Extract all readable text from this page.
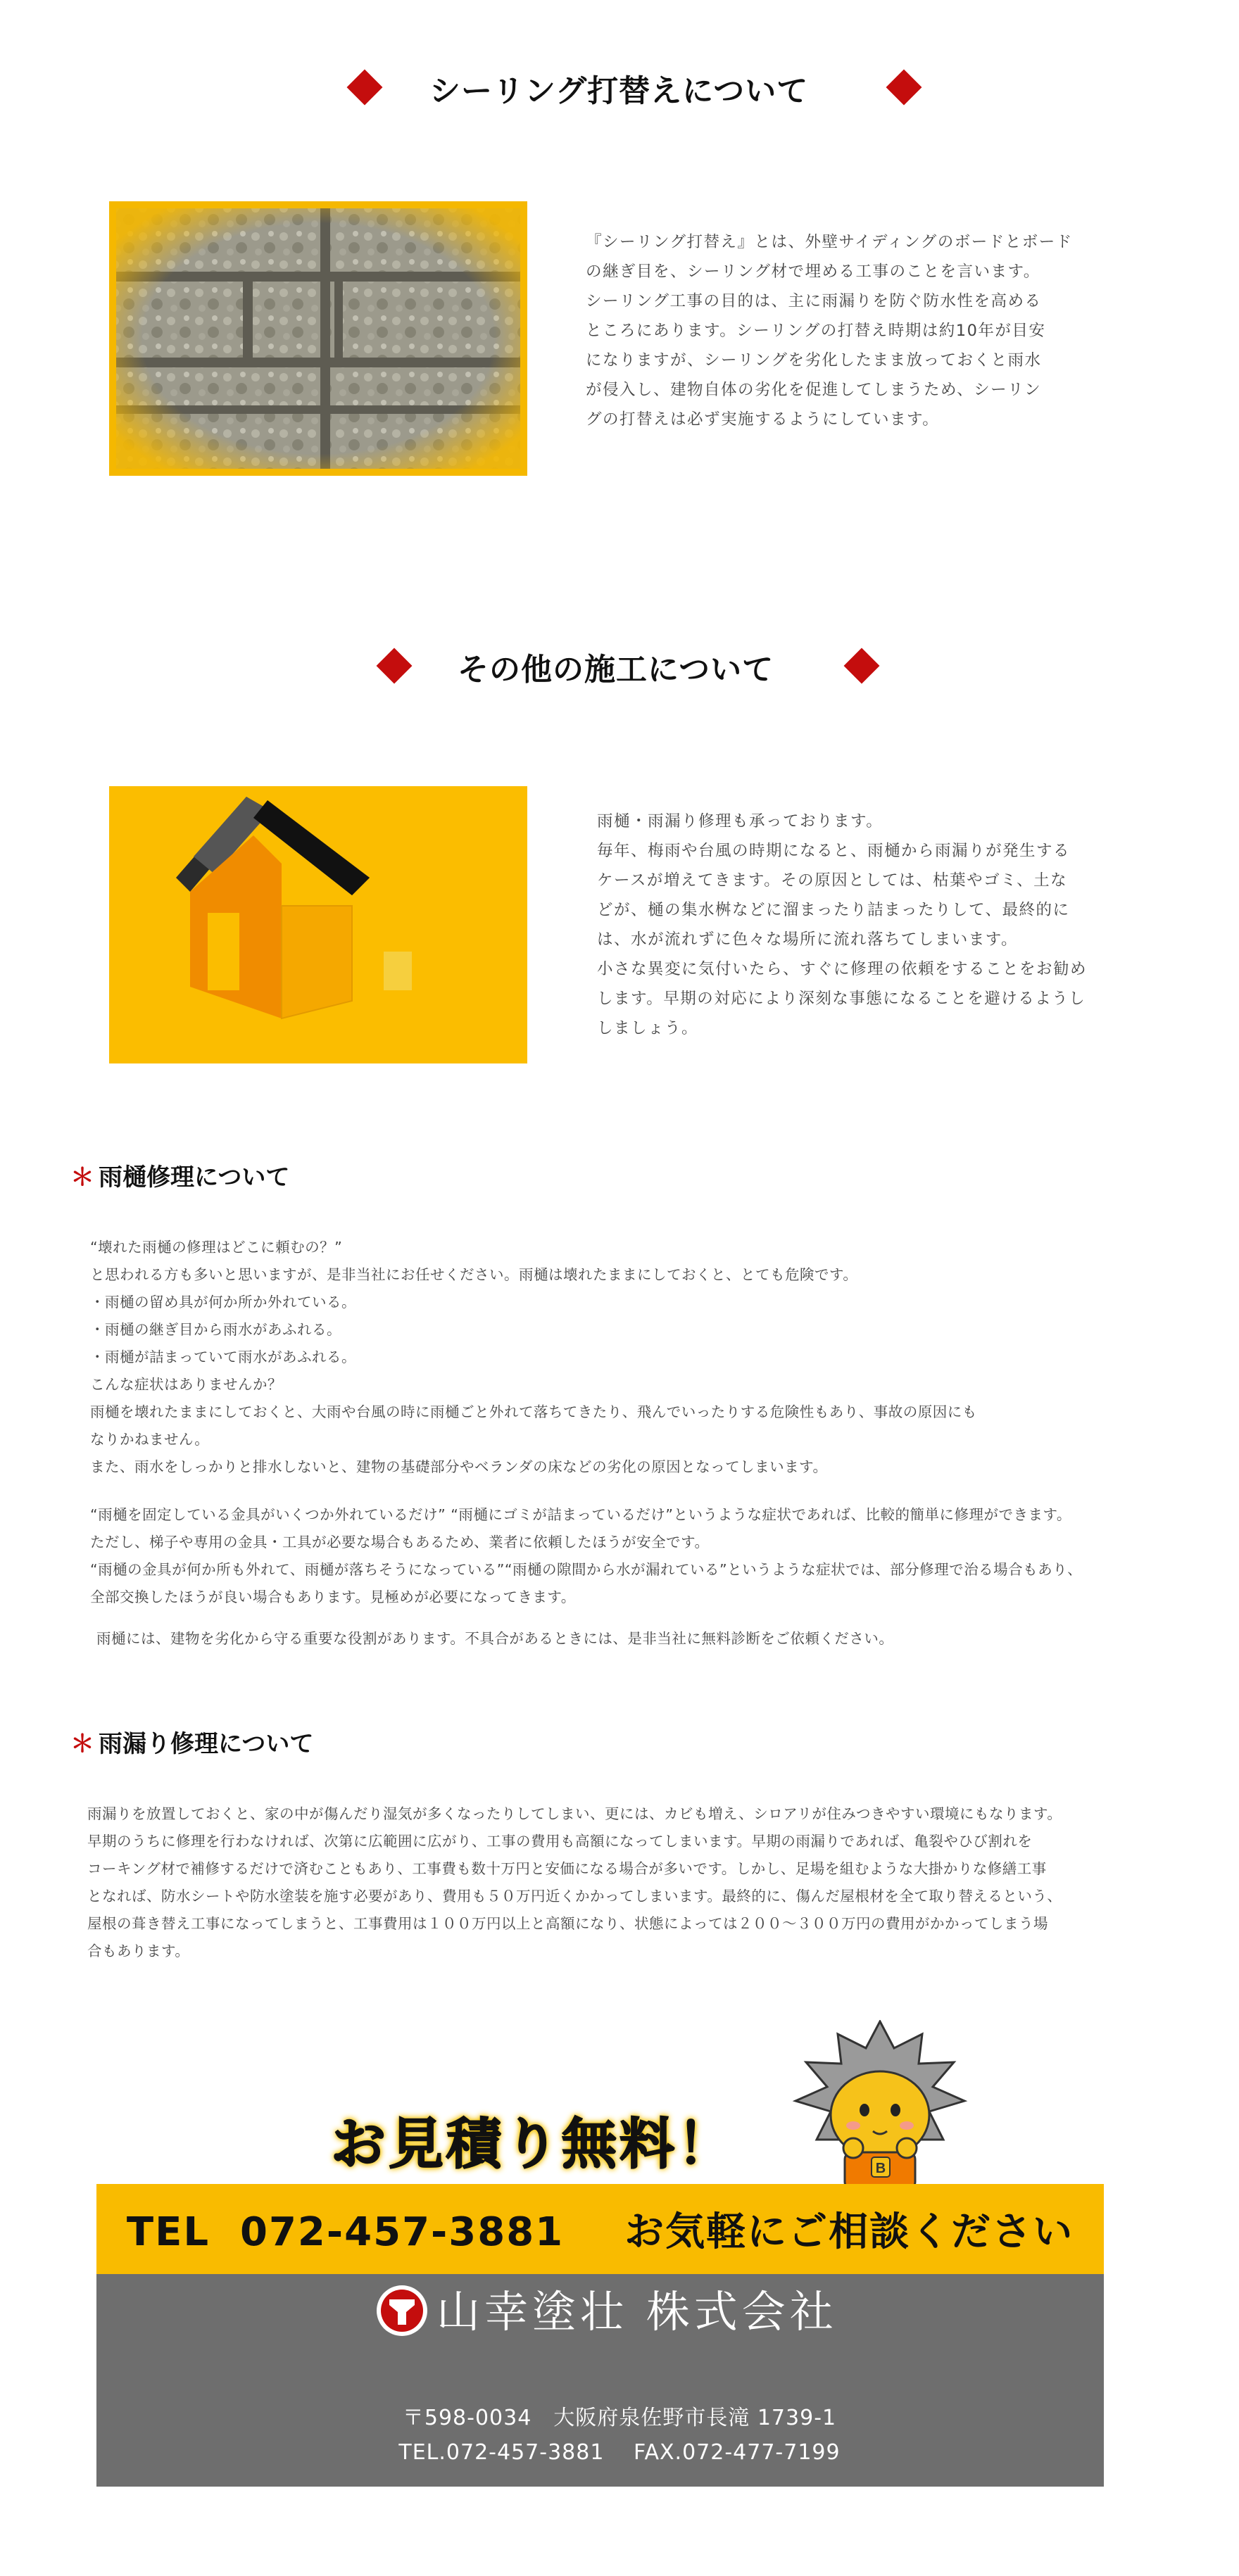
シーリング打替えについて
『シーリング打替え』とは、外壁サイディングのボードとボード
の継ぎ目を、シーリング材で埋める工事のことを言います。
シーリング工事の目的は、主に雨漏りを防ぐ防水性を高める
ところにあります。シーリングの打替え時期は約10年が目安
になりますが、シーリングを劣化したまま放っておくと雨水
が侵入し、建物自体の劣化を促進してしまうため、シーリン
グの打替えは必ず実施するようにしています。
その他の施工について
雨樋・雨漏り修理も承っております。
毎年、梅雨や台風の時期になると、雨樋から雨漏りが発生する
ケースが増えてきます。その原因としては、枯葉やゴミ、土な
どが、樋の集水桝などに溜まったり詰まったりして、最終的に
は、水が流れずに色々な場所に流れ落ちてしまいます。
小さな異変に気付いたら、すぐに修理の依頼をすることをお勧め
します。早期の対応により深刻な事態になることを避けるようし
しましょう。
＊ 雨樋修理について
“壊れた雨樋の修理はどこに頼むの？”
と思われる方も多いと思いますが、是非当社にお任せください。雨樋は壊れたままにしておくと、とても危険です。
・雨樋の留め具が何か所か外れている。
・雨樋の継ぎ目から雨水があふれる。
・雨樋が詰まっていて雨水があふれる。
こんな症状はありませんか？
雨樋を壊れたままにしておくと、大雨や台風の時に雨樋ごと外れて落ちてきたり、飛んでいったりする危険性もあり、事故の原因にも
なりかねません。
また、雨水をしっかりと排水しないと、建物の基礎部分やベランダの床などの劣化の原因となってしまいます。
“雨樋を固定している金具がいくつか外れているだけ” “雨樋にゴミが詰まっているだけ”というような症状であれば、比較的簡単に修理ができます。
ただし、梯子や専用の金具・工具が必要な場合もあるため、業者に依頼したほうが安全です。
“雨樋の金具が何か所も外れて、雨樋が落ちそうになっている”“雨樋の隙間から水が漏れている”というような症状では、部分修理で治る場合もあり、
全部交換したほうが良い場合もあります。見極めが必要になってきます。
雨樋には、建物を劣化から守る重要な役割があります。不具合があるときには、是非当社に無料診断をご依頼ください。
＊ 雨漏り修理について
雨漏りを放置しておくと、家の中が傷んだり湿気が多くなったりしてしまい、更には、カビも増え、シロアリが住みつきやすい環境にもなります。
早期のうちに修理を行わなければ、次第に広範囲に広がり、工事の費用も高額になってしまいます。早期の雨漏りであれば、亀裂やひび割れを
コーキング材で補修するだけで済むこともあり、工事費も数十万円と安価になる場合が多いです。しかし、足場を組むような大掛かりな修繕工事
となれば、防水シートや防水塗装を施す必要があり、費用も５０万円近くかかってしまいます。最終的に、傷んだ屋根材を全て取り替えるという、
屋根の葺き替え工事になってしまうと、工事費用は１００万円以上と高額になり、状態によっては２００～３００万円の費用がかかってしまう場
合もあります。
お見積り無料！	B
TEL  072-457-3881    お気軽にご相談ください
山幸塗壮 株式会社
〒598-0034　大阪府泉佐野市長滝 1739-1
TEL.072-457-3881　 FAX.072-477-7199
